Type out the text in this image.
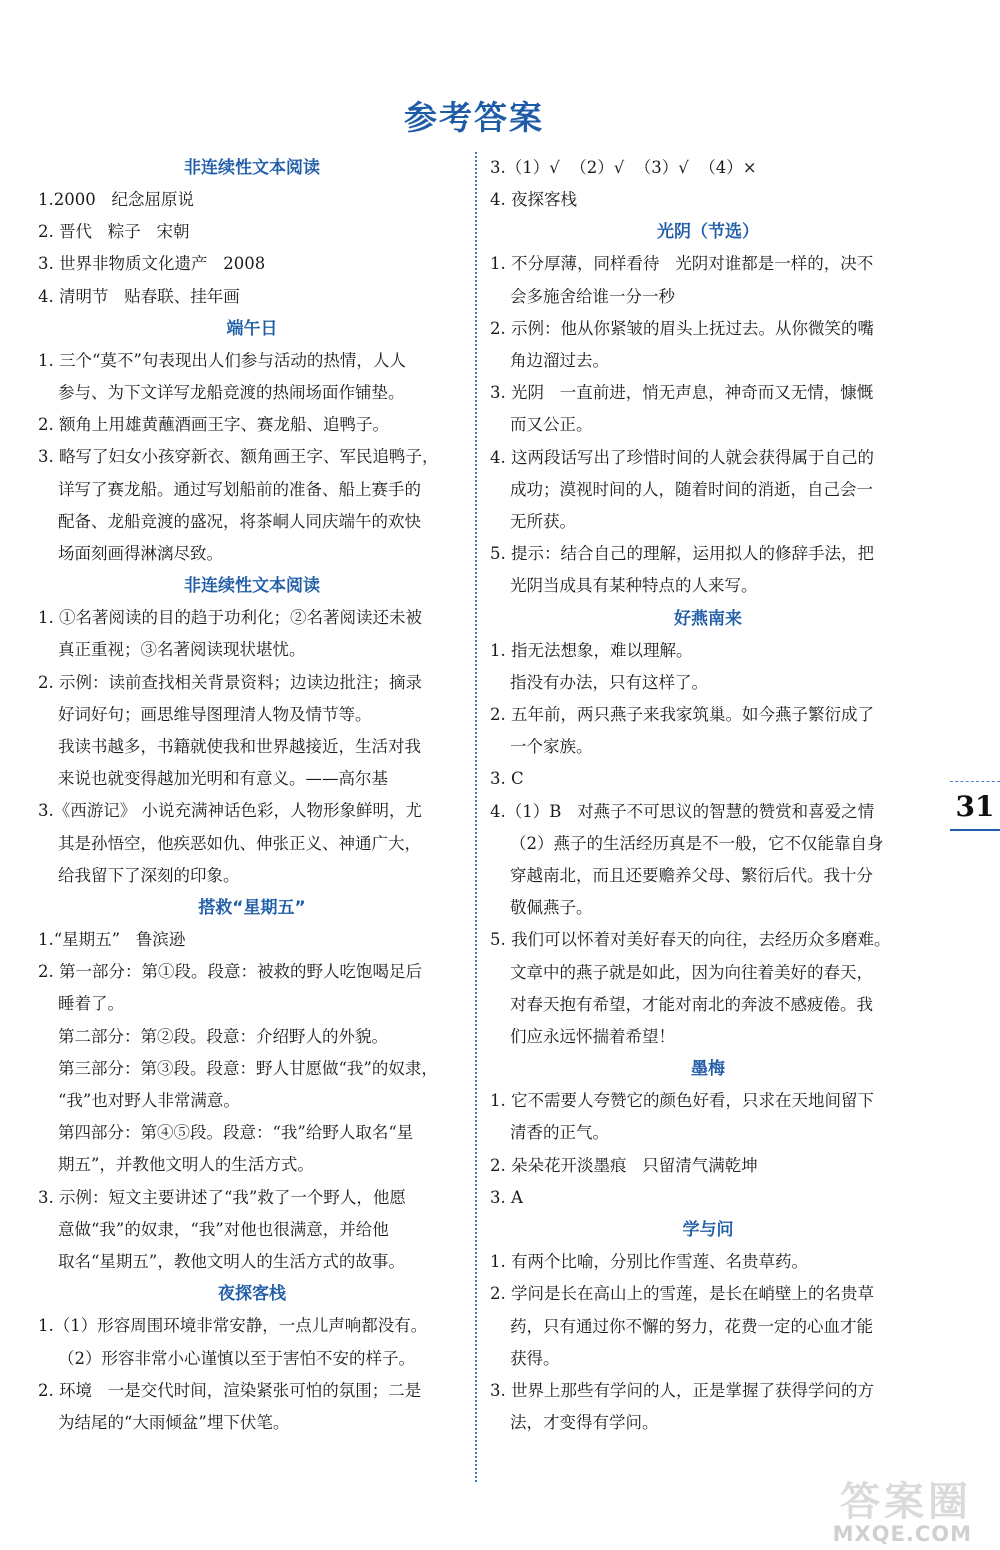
参考答案
非连续性文本阅读
1.2000   纪念屈原说
2. 晋代   粽子   宋朝
3. 世界非物质文化遗产   2008
4. 清明节   贴春联、挂年画
端午日
1. 三个“莫不”句表现出人们参与活动的热情，人人
参与、为下文详写龙船竞渡的热闹场面作铺垫。
2. 额角上用雄黄蘸酒画王字、赛龙船、追鸭子。
3. 略写了妇女小孩穿新衣、额角画王字、军民追鸭子，
详写了赛龙船。通过写划船前的准备、船上赛手的
配备、龙船竞渡的盛况，将茶峒人同庆端午的欢快
场面刻画得淋漓尽致。
非连续性文本阅读
1. ①名著阅读的目的趋于功利化；②名著阅读还未被
真正重视；③名著阅读现状堪忧。
2. 示例：读前查找相关背景资料；边读边批注；摘录
好词好句；画思维导图理清人物及情节等。
我读书越多，书籍就使我和世界越接近，生活对我
来说也就变得越加光明和有意义。——高尔基
3.《西游记》 小说充满神话色彩，人物形象鲜明，尤
其是孙悟空，他疾恶如仇、伸张正义、神通广大，
给我留下了深刻的印象。
搭救“星期五”
1.“星期五”   鲁滨逊
2. 第一部分：第①段。段意：被救的野人吃饱喝足后
睡着了。
第二部分：第②段。段意：介绍野人的外貌。
第三部分：第③段。段意：野人甘愿做“我”的奴隶，
“我”也对野人非常满意。
第四部分：第④⑤段。段意：“我”给野人取名“星
期五”，并教他文明人的生活方式。
3. 示例：短文主要讲述了“我”救了一个野人，他愿
意做“我”的奴隶，“我”对他也很满意，并给他
取名“星期五”，教他文明人的生活方式的故事。
夜探客栈
1.（1）形容周围环境非常安静，一点儿声响都没有。
（2）形容非常小心谨慎以至于害怕不安的样子。
2. 环境   一是交代时间，渲染紧张可怕的氛围；二是
为结尾的“大雨倾盆”埋下伏笔。
3.（1）√  （2）√  （3）√  （4）×
4. 夜探客栈
光阴（节选）
1. 不分厚薄，同样看待   光阴对谁都是一样的，决不
会多施舍给谁一分一秒
2. 示例：他从你紧皱的眉头上抚过去。从你微笑的嘴
角边溜过去。
3. 光阴   一直前进，悄无声息，神奇而又无情，慷慨
而又公正。
4. 这两段话写出了珍惜时间的人就会获得属于自己的
成功；漠视时间的人，随着时间的消逝，自己会一
无所获。
5. 提示：结合自己的理解，运用拟人的修辞手法，把
光阴当成具有某种特点的人来写。
好燕南来
1. 指无法想象，难以理解。
指没有办法，只有这样了。
2. 五年前，两只燕子来我家筑巢。如今燕子繁衍成了
一个家族。
3. C
4.（1）B   对燕子不可思议的智慧的赞赏和喜爱之情
（2）燕子的生活经历真是不一般，它不仅能靠自身
穿越南北，而且还要赡养父母、繁衍后代。我十分
敬佩燕子。
5. 我们可以怀着对美好春天的向往，去经历众多磨难。
文章中的燕子就是如此，因为向往着美好的春天，
对春天抱有希望，才能对南北的奔波不感疲倦。我
们应永远怀揣着希望！
墨梅
1. 它不需要人夸赞它的颜色好看，只求在天地间留下
清香的正气。
2. 朵朵花开淡墨痕   只留清气满乾坤
3. A
学与问
1. 有两个比喻，分别比作雪莲、名贵草药。
2. 学问是长在高山上的雪莲，是长在峭壁上的名贵草
药，只有通过你不懈的努力，花费一定的心血才能
获得。
3. 世界上那些有学问的人，正是掌握了获得学问的方
法，才变得有学问。
31
答案圈
MXQE.COM
